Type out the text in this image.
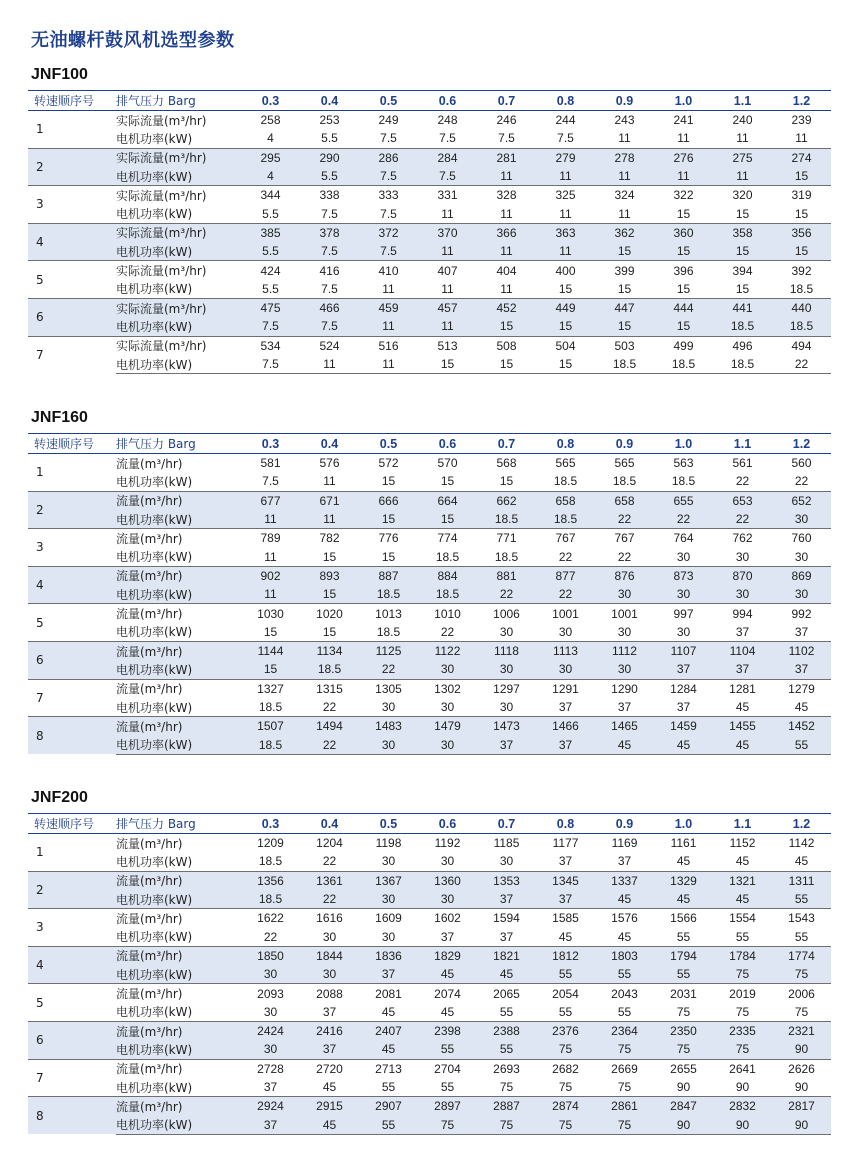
无油螺杆鼓风机选型参数
JNF100
转速顺序号	排气压力 Barg	0.3	0.4	0.5	0.6	0.7	0.8	0.9	1.0	1.1	1.2
1	实际流量(m³/hr)	258	253	249	248	246	244	243	241	240	239
	电机功率(kW)	4	5.5	7.5	7.5	7.5	7.5	11	11	11	11
2	实际流量(m³/hr)	295	290	286	284	281	279	278	276	275	274
	电机功率(kW)	4	5.5	7.5	7.5	11	11	11	11	11	15
3	实际流量(m³/hr)	344	338	333	331	328	325	324	322	320	319
	电机功率(kW)	5.5	7.5	7.5	11	11	11	11	15	15	15
4	实际流量(m³/hr)	385	378	372	370	366	363	362	360	358	356
	电机功率(kW)	5.5	7.5	7.5	11	11	11	15	15	15	15
5	实际流量(m³/hr)	424	416	410	407	404	400	399	396	394	392
	电机功率(kW)	5.5	7.5	11	11	11	15	15	15	15	18.5
6	实际流量(m³/hr)	475	466	459	457	452	449	447	444	441	440
	电机功率(kW)	7.5	7.5	11	11	15	15	15	15	18.5	18.5
7	实际流量(m³/hr)	534	524	516	513	508	504	503	499	496	494
	电机功率(kW)	7.5	11	11	15	15	15	18.5	18.5	18.5	22
JNF160
转速顺序号	排气压力 Barg	0.3	0.4	0.5	0.6	0.7	0.8	0.9	1.0	1.1	1.2
1	流量(m³/hr)	581	576	572	570	568	565	565	563	561	560
	电机功率(kW)	7.5	11	15	15	15	18.5	18.5	18.5	22	22
2	流量(m³/hr)	677	671	666	664	662	658	658	655	653	652
	电机功率(kW)	11	11	15	15	18.5	18.5	22	22	22	30
3	流量(m³/hr)	789	782	776	774	771	767	767	764	762	760
	电机功率(kW)	11	15	15	18.5	18.5	22	22	30	30	30
4	流量(m³/hr)	902	893	887	884	881	877	876	873	870	869
	电机功率(kW)	11	15	18.5	18.5	22	22	30	30	30	30
5	流量(m³/hr)	1030	1020	1013	1010	1006	1001	1001	997	994	992
	电机功率(kW)	15	15	18.5	22	30	30	30	30	37	37
6	流量(m³/hr)	1144	1134	1125	1122	1118	1113	1112	1107	1104	1102
	电机功率(kW)	15	18.5	22	30	30	30	30	37	37	37
7	流量(m³/hr)	1327	1315	1305	1302	1297	1291	1290	1284	1281	1279
	电机功率(kW)	18.5	22	30	30	30	37	37	37	45	45
8	流量(m³/hr)	1507	1494	1483	1479	1473	1466	1465	1459	1455	1452
	电机功率(kW)	18.5	22	30	30	37	37	45	45	45	55
JNF200
转速顺序号	排气压力 Barg	0.3	0.4	0.5	0.6	0.7	0.8	0.9	1.0	1.1	1.2
1	流量(m³/hr)	1209	1204	1198	1192	1185	1177	1169	1161	1152	1142
	电机功率(kW)	18.5	22	30	30	30	37	37	45	45	45
2	流量(m³/hr)	1356	1361	1367	1360	1353	1345	1337	1329	1321	1311
	电机功率(kW)	18.5	22	30	30	37	37	45	45	45	55
3	流量(m³/hr)	1622	1616	1609	1602	1594	1585	1576	1566	1554	1543
	电机功率(kW)	22	30	30	37	37	45	45	55	55	55
4	流量(m³/hr)	1850	1844	1836	1829	1821	1812	1803	1794	1784	1774
	电机功率(kW)	30	30	37	45	45	55	55	55	75	75
5	流量(m³/hr)	2093	2088	2081	2074	2065	2054	2043	2031	2019	2006
	电机功率(kW)	30	37	45	45	55	55	55	75	75	75
6	流量(m³/hr)	2424	2416	2407	2398	2388	2376	2364	2350	2335	2321
	电机功率(kW)	30	37	45	55	55	75	75	75	75	90
7	流量(m³/hr)	2728	2720	2713	2704	2693	2682	2669	2655	2641	2626
	电机功率(kW)	37	45	55	55	75	75	75	90	90	90
8	流量(m³/hr)	2924	2915	2907	2897	2887	2874	2861	2847	2832	2817
	电机功率(kW)	37	45	55	75	75	75	75	90	90	90
